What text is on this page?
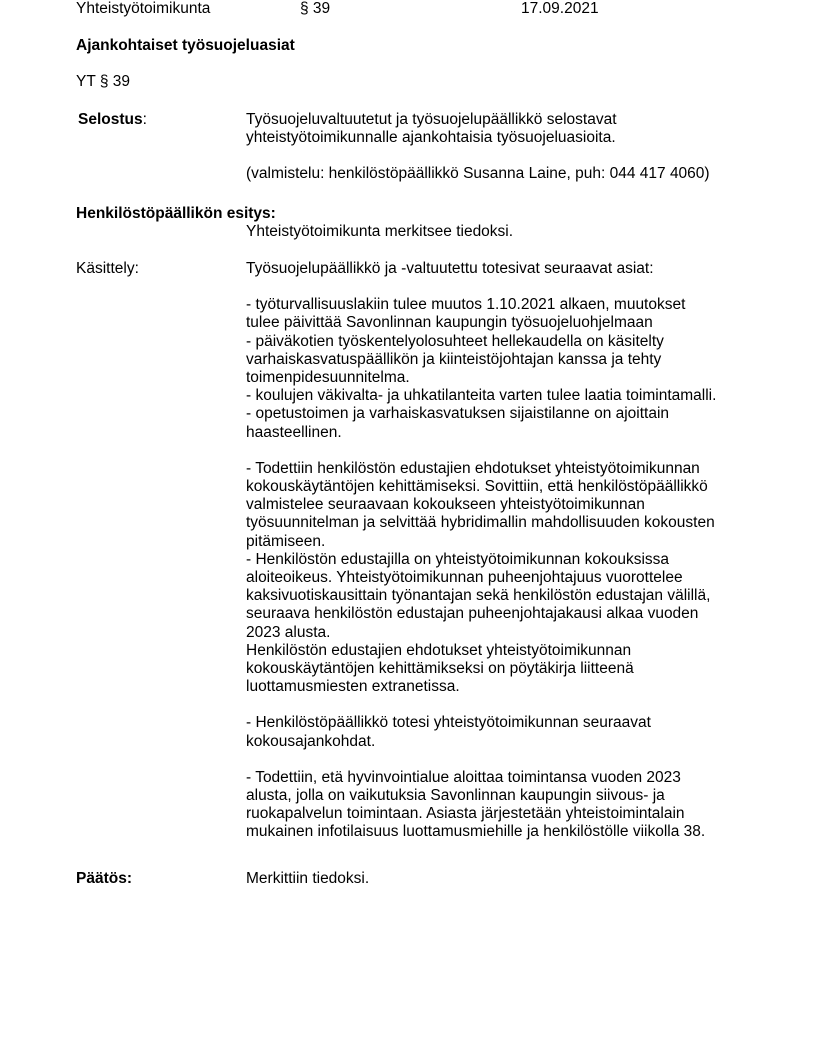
Yhteistyötoimikunta	§ 39	17.09.2021
Ajankohtaiset työsuojeluasiat
YT § 39
Selostus:	Työsuojeluvaltuutetut ja työsuojelupäällikkö selostavat
yhteistyötoimikunnalle ajankohtaisia työsuojeluasioita.

(valmistelu: henkilöstöpäällikkö Susanna Laine, puh: 044 417 4060)

Henkilöstöpäällikön esitys:

Yhteistyötoimikunta merkitsee tiedoksi.

Käsittely:	Työsuojelupäällikkö ja -valtuutettu totesivat seuraavat asiat:

- työturvallisuuslakiin tulee muutos 1.10.2021 alkaen, muutokset
tulee päivittää Savonlinnan kaupungin työsuojeluohjelmaan
- päiväkotien työskentelyolosuhteet hellekaudella on käsitelty
varhaiskasvatuspäällikön ja kiinteistöjohtajan kanssa ja tehty
toimenpidesuunnitelma.
- koulujen väkivalta- ja uhkatilanteita varten tulee laatia toimintamalli.
- opetustoimen ja varhaiskasvatuksen sijaistilanne on ajoittain
haasteellinen.

- Todettiin henkilöstön edustajien ehdotukset yhteistyötoimikunnan
kokouskäytäntöjen kehittämiseksi. Sovittiin, että henkilöstöpäällikkö
valmistelee seuraavaan kokoukseen yhteistyötoimikunnan
työsuunnitelman ja selvittää hybridimallin mahdollisuuden kokousten
pitämiseen.
- Henkilöstön edustajilla on yhteistyötoimikunnan kokouksissa
aloiteoikeus. Yhteistyötoimikunnan puheenjohtajuus vuorottelee
kaksivuotiskausittain työnantajan sekä henkilöstön edustajan välillä,
seuraava henkilöstön edustajan puheenjohtajakausi alkaa vuoden
2023 alusta.
Henkilöstön edustajien ehdotukset yhteistyötoimikunnan
kokouskäytäntöjen kehittämikseksi on pöytäkirja liitteenä
luottamusmiesten extranetissa.

- Henkilöstöpäällikkö totesi yhteistyötoimikunnan seuraavat
kokousajankohdat.

- Todettiin, etä hyvinvointialue aloittaa toimintansa vuoden 2023
alusta, jolla on vaikutuksia Savonlinnan kaupungin siivous- ja
ruokapalvelun toimintaan. Asiasta järjestetään yhteistoimintalain
mukainen infotilaisuus luottamusmiehille ja henkilöstölle viikolla 38.

Päätös:	Merkittiin tiedoksi.
